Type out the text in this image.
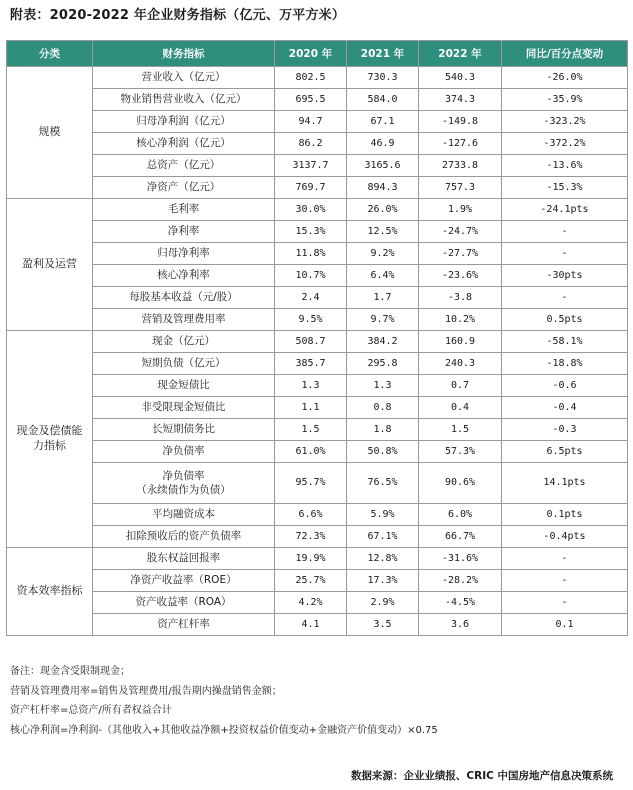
附表：2020-2022 年企业财务指标（亿元、万平方米）
分类	财务指标	2020 年	2021 年	2022 年	同比/百分点变动
规模	营业收入（亿元）	802.5	730.3	540.3	-26.0%
	物业销售营业收入（亿元）	695.5	584.0	374.3	-35.9%
	归母净利润（亿元）	94.7	67.1	-149.8	-323.2%
	核心净利润（亿元）	86.2	46.9	-127.6	-372.2%
	总资产（亿元）	3137.7	3165.6	2733.8	-13.6%
	净资产（亿元）	769.7	894.3	757.3	-15.3%
盈利及运营	毛利率	30.0%	26.0%	1.9%	-24.1pts
	净利率	15.3%	12.5%	-24.7%	-
	归母净利率	11.8%	9.2%	-27.7%	-
	核心净利率	10.7%	6.4%	-23.6%	-30pts
	每股基本收益（元/股）	2.4	1.7	-3.8	-
	营销及管理费用率	9.5%	9.7%	10.2%	0.5pts
现金及偿债能
力指标	现金（亿元）	508.7	384.2	160.9	-58.1%
	短期负债（亿元）	385.7	295.8	240.3	-18.8%
	现金短债比	1.3	1.3	0.7	-0.6
	非受限现金短债比	1.1	0.8	0.4	-0.4
	长短期债务比	1.5	1.8	1.5	-0.3
	净负债率	61.0%	50.8%	57.3%	6.5pts
	净负债率
（永续债作为负债）	95.7%	76.5%	90.6%	14.1pts
	平均融资成本	6.6%	5.9%	6.0%	0.1pts
	扣除预收后的资产负债率	72.3%	67.1%	66.7%	-0.4pts
资本效率指标	股东权益回报率	19.9%	12.8%	-31.6%	-
	净资产收益率（ROE）	25.7%	17.3%	-28.2%	-
	资产收益率（ROA）	4.2%	2.9%	-4.5%	-
	资产杠杆率	4.1	3.5	3.6	0.1
备注：现金含受限制现金；
营销及管理费用率=销售及管理费用/报告期内操盘销售金额；
资产杠杆率=总资产/所有者权益合计
核心净利润=净利润-（其他收入+其他收益净额+投资权益价值变动+金融资产价值变动）×0.75
数据来源：企业业绩报、CRIC 中国房地产信息决策系统
